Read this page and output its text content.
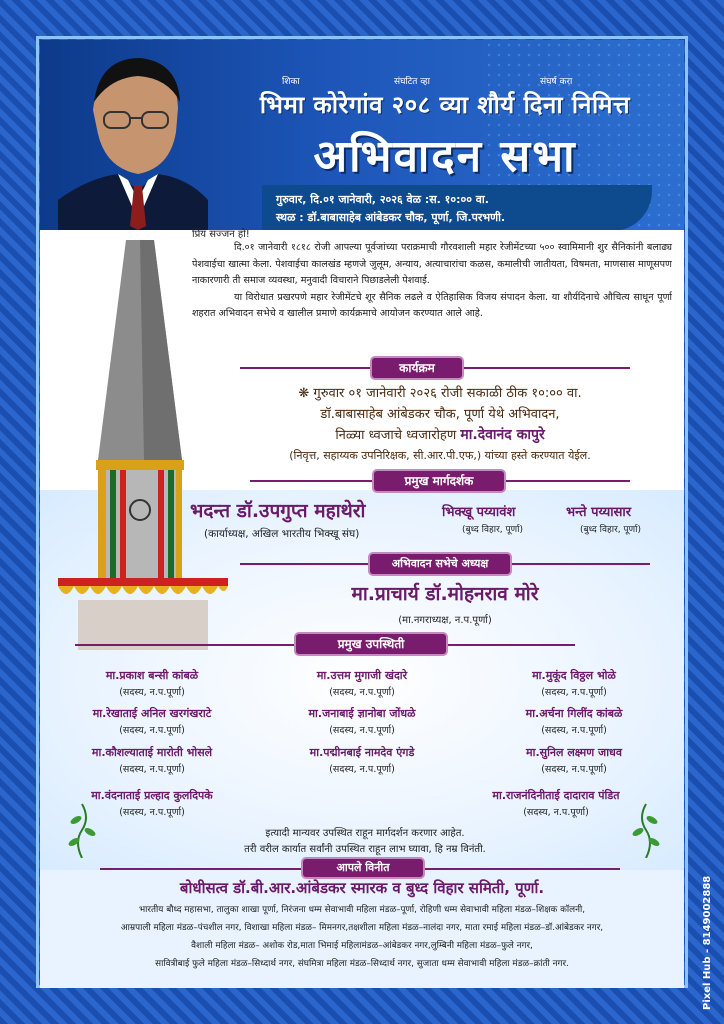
शिका	संघटित व्हा	संघर्ष करा
भिमा कोरेगांव २०८ व्या शौर्य दिना निमित्त
अभिवादन सभा
गुरुवार, दि.०१ जानेवारी, २०२६ वेळ :स. १०:०० वा.
स्थळ : डॉ.बाबासाहेब आंबेडकर चौक, पूर्णा, जि.परभणी.
प्रिय सज्जन हो!

दि.०१ जानेवारी १८१८ रोजी आपल्या पूर्वजांच्या पराक्रमाची गौरवशाली महार रेजीमेंटच्या ५०० स्वामिमानी शुर सैनिकांनी बलाढ्य पेशवाईचा खात्मा केला. पेशवाईचा कालखंड म्हणजे जुलूम, अन्याय, अत्याचारांचा कळस, कमालीची जातीयता, विषमता, माणसास माणूसपण नाकारणारी ती समाज व्यवस्था, मनुवादी विचाराने पिछाडलेली पेशवाई.

या विरोधात प्रखरपणे महार रेजीमेंटचे शूर सैनिक लढले व ऐतिहासिक विजय संपादन केला. या शौर्यदिनाचे औचित्य साधून पूर्णा शहरात अभिवादन सभेचे व खालील प्रमाणे कार्यक्रमाचे आयोजन करण्यात आले आहे.

कार्यक्रम
❋ गुरुवार ०१ जानेवारी २०२६ रोजी सकाळी ठीक १०:०० वा.
डॉ.बाबासाहेब आंबेडकर चौक, पूर्णा येथे अभिवादन,
निळ्या ध्वजाचे ध्वजारोहण मा.देवानंद कापुरे
(निवृत्त, सहाय्यक उपनिरिक्षक, सी.आर.पी.एफ,) यांच्या हस्ते करण्यात येईल.
प्रमुख मार्गदर्शक
भदन्त डॉ.उपगुप्त महाथेरो
(कार्याध्यक्ष, अखिल भारतीय भिक्खू संघ)
भिक्खू पय्यावंश
(बुध्द विहार, पूर्णा)
भन्ते पय्यासार
(बुध्द विहार, पूर्णा)
अभिवादन सभेचे अध्यक्ष
मा.प्राचार्य डॉ.मोहनराव मोरे
(मा.नगराध्यक्ष, न.प.पूर्णा)
प्रमुख उपस्थिती
मा.प्रकाश बन्सी कांबळे
(सदस्य, न.प.पूर्णा)
मा.उत्तम मुगाजी खंदारे
(सदस्य, न.प.पूर्णा)
मा.मुकूंद विठ्ठल भोळे
(सदस्य, न.प.पूर्णा)
मा.रेखाताई अनिल खरगंखराटे
(सदस्य, न.प.पूर्णा)
मा.जनाबाई ज्ञानोबा जोंधळे
(सदस्य, न.प.पूर्णा)
मा.अर्चना गिलींद कांबळे
(सदस्य, न.प.पूर्णा)
मा.कौशल्याताई मारोती भोसले
(सदस्य, न.प.पूर्णा)
मा.पद्मीनबाई नामदेव एंगडे
(सदस्य, न.प.पूर्णा)
मा.सुनिल लक्ष्मण जाधव
(सदस्य, न.प.पूर्णा)
मा.वंदनाताई प्रल्हाद कुलदिपके
(सदस्य, न.प.पूर्णा)
मा.राजनंदिनीताई दादाराव पंडित
(सदस्य, न.प.पूर्णा)
इत्यादी मान्यवर उपस्थित राहून मार्गदर्शन करणार आहेत.
तरी वरील कार्यात सर्वांनी उपस्थित राहून लाभ घ्यावा, हि नम्र विनंती.
आपले विनीत
बोधीसत्व डॉ.बी.आर.आंबेडकर स्मारक व बुध्द विहार समिती, पूर्णा.
भारतीय बौध्द महासभा, तालुका शाखा पूर्णा, निरंजना धम्म सेवाभावी महिला मंडळ–पूर्णा, रोहिणी धम्म सेवाभावी महिला मंडळ–शिक्षक कॉलनी,
आम्रपाली महिला मंडळ–पंचशील नगर, विशाखा महिला मंडळ– मिमनगर,तक्षशीला महिला मंडळ–नालंदा नगर, माता रमाई महिला मंडळ–डॉ.आंबेडकर नगर,
वैशाली महिला मंडळ– अशोक रोड,माता भिमाई महिलामंडळ–आंबेडकर नगर,लुम्बिनी महिला मंडळ–फुले नगर,
सावित्रीबाई फुले महिला मंडळ–सिध्दार्थ नगर, संघमित्रा महिला मंडळ–सिध्दार्थ नगर, सुजाता धम्म सेवाभावी महिला मंडळ–क्रांती नगर.	Pixel Hub - 8149002888
